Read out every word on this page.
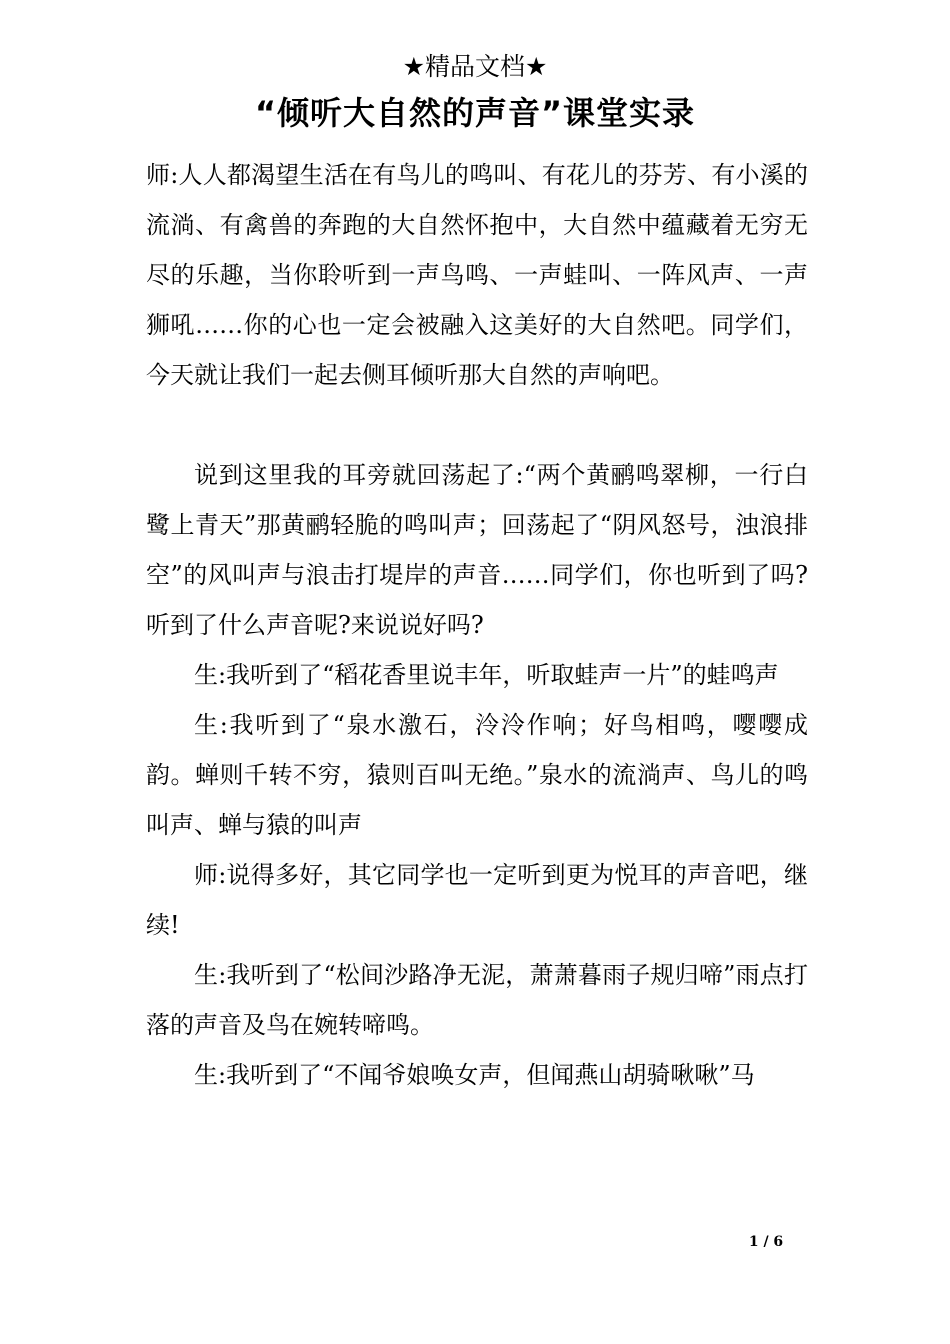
★精品文档★
“倾听大自然的声音”课堂实录

师:人人都渴望生活在有鸟儿的鸣叫、有花儿的芬芳、有小溪的流淌、有禽兽的奔跑的大自然怀抱中，大自然中蕴藏着无穷无尽的乐趣，当你聆听到一声鸟鸣、一声蛙叫、一阵风声、一声狮吼……你的心也一定会被融入这美好的大自然吧。同学们，今天就让我们一起去侧耳倾听那大自然的声响吧。

说到这里我的耳旁就回荡起了:“两个黄鹂鸣翠柳，一行白鹭上青天”那黄鹂轻脆的鸣叫声；回荡起了“阴风怒号，浊浪排空”的风叫声与浪击打堤岸的声音……同学们，你也听到了吗?听到了什么声音呢?来说说好吗?

生:我听到了“稻花香里说丰年，听取蛙声一片”的蛙鸣声

生:我听到了“泉水激石，泠泠作响；好鸟相鸣，嘤嘤成韵。蝉则千转不穷，猿则百叫无绝。”泉水的流淌声、鸟儿的鸣叫声、蝉与猿的叫声

师:说得多好，其它同学也一定听到更为悦耳的声音吧，继续!

生:我听到了“松间沙路净无泥，萧萧暮雨子规归啼”雨点打落的声音及鸟在婉转啼鸣。

生:我听到了“不闻爷娘唤女声，但闻燕山胡骑啾啾”马

1 / 6
